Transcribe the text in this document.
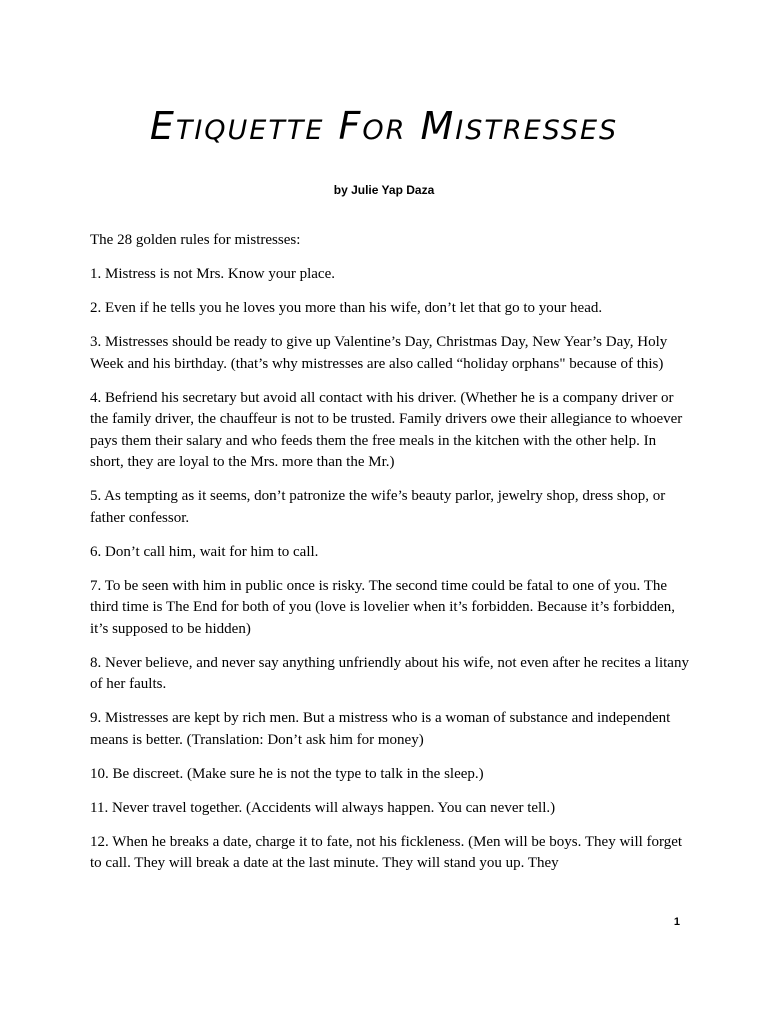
Etiquette For Mistresses
by Julie Yap Daza

The 28 golden rules for mistresses:

1. Mistress is not Mrs. Know your place.

2. Even if he tells you he loves you more than his wife, don’t let that go to your head.

3. Mistresses should be ready to give up Valentine’s Day, Christmas Day, New Year’s Day, Holy Week and his birthday. (that’s why mistresses are also called “holiday orphans" because of this)

4. Befriend his secretary but avoid all contact with his driver. (Whether he is a company driver or the family driver, the chauffeur is not to be trusted. Family drivers owe their allegiance to whoever pays them their salary and who feeds them the free meals in the kitchen with the other help. In short, they are loyal to the Mrs. more than the Mr.)

5. As tempting as it seems, don’t patronize the wife’s beauty parlor, jewelry shop, dress shop, or father confessor.

6. Don’t call him, wait for him to call.

7. To be seen with him in public once is risky. The second time could be fatal to one of you. The third time is The End for both of you (love is lovelier when it’s forbidden. Because it’s forbidden, it’s supposed to be hidden)

8. Never believe, and never say anything unfriendly about his wife, not even after he recites a litany of her faults.

9. Mistresses are kept by rich men. But a mistress who is a woman of substance and independent means is better. (Translation: Don’t ask him for money)

10. Be discreet. (Make sure he is not the type to talk in the sleep.)

11. Never travel together. (Accidents will always happen. You can never tell.)

12. When he breaks a date, charge it to fate, not his fickleness. (Men will be boys. They will forget to call. They will break a date at the last minute. They will stand you up. They

1
